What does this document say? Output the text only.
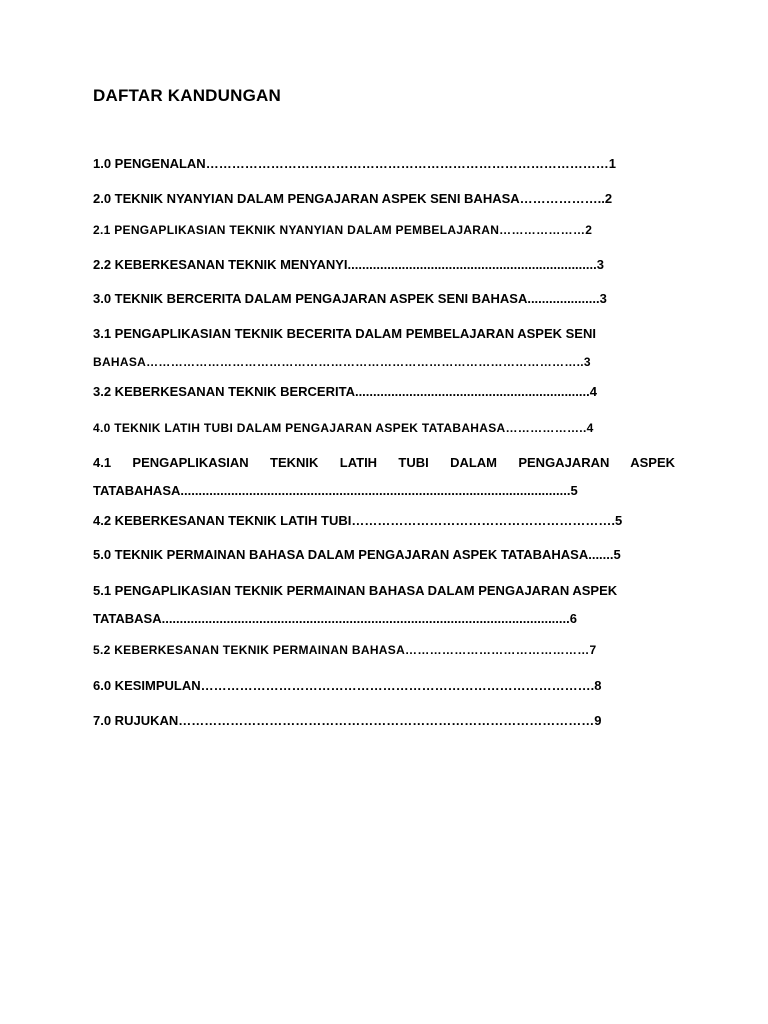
DAFTAR KANDUNGAN
1.0 PENGENALAN…………………………………………………………………………………1
2.0 TEKNIK NYANYIAN DALAM PENGAJARAN ASPEK SENI BAHASA………………..2
2.1 PENGAPLIKASIAN TEKNIK NYANYIAN DALAM PEMBELAJARAN…………………2
2.2 KEBERKESANAN TEKNIK MENYANYI.....................................................................3
3.0 TEKNIK BERCERITA DALAM PENGAJARAN ASPEK SENI BAHASA....................3
3.1 PENGAPLIKASIAN TEKNIK BECERITA DALAM PEMBELAJARAN ASPEK SENI
BAHASA……………………………………………………………………………………………..3
3.2 KEBERKESANAN TEKNIK BERCERITA.................................................................4
4.0 TEKNIK LATIH TUBI DALAM PENGAJARAN ASPEK TATABAHASA………………..4
4.1 PENGAPLIKASIAN TEKNIK LATIH TUBI DALAM PENGAJARAN ASPEK
TATABAHASA............................................................................................................5
4.2 KEBERKESANAN TEKNIK LATIH TUBI…………………………………………………….5
5.0 TEKNIK PERMAINAN BAHASA DALAM PENGAJARAN ASPEK TATABAHASA.......5
5.1 PENGAPLIKASIAN TEKNIK PERMAINAN BAHASA DALAM PENGAJARAN ASPEK
TATABASA.................................................................................................................6
5.2 KEBERKESANAN TEKNIK PERMAINAN BAHASA………………………………………7
6.0 KESIMPULAN……………………………………………………………………………….8
7.0 RUJUKAN……………………………………………………………………………………9
